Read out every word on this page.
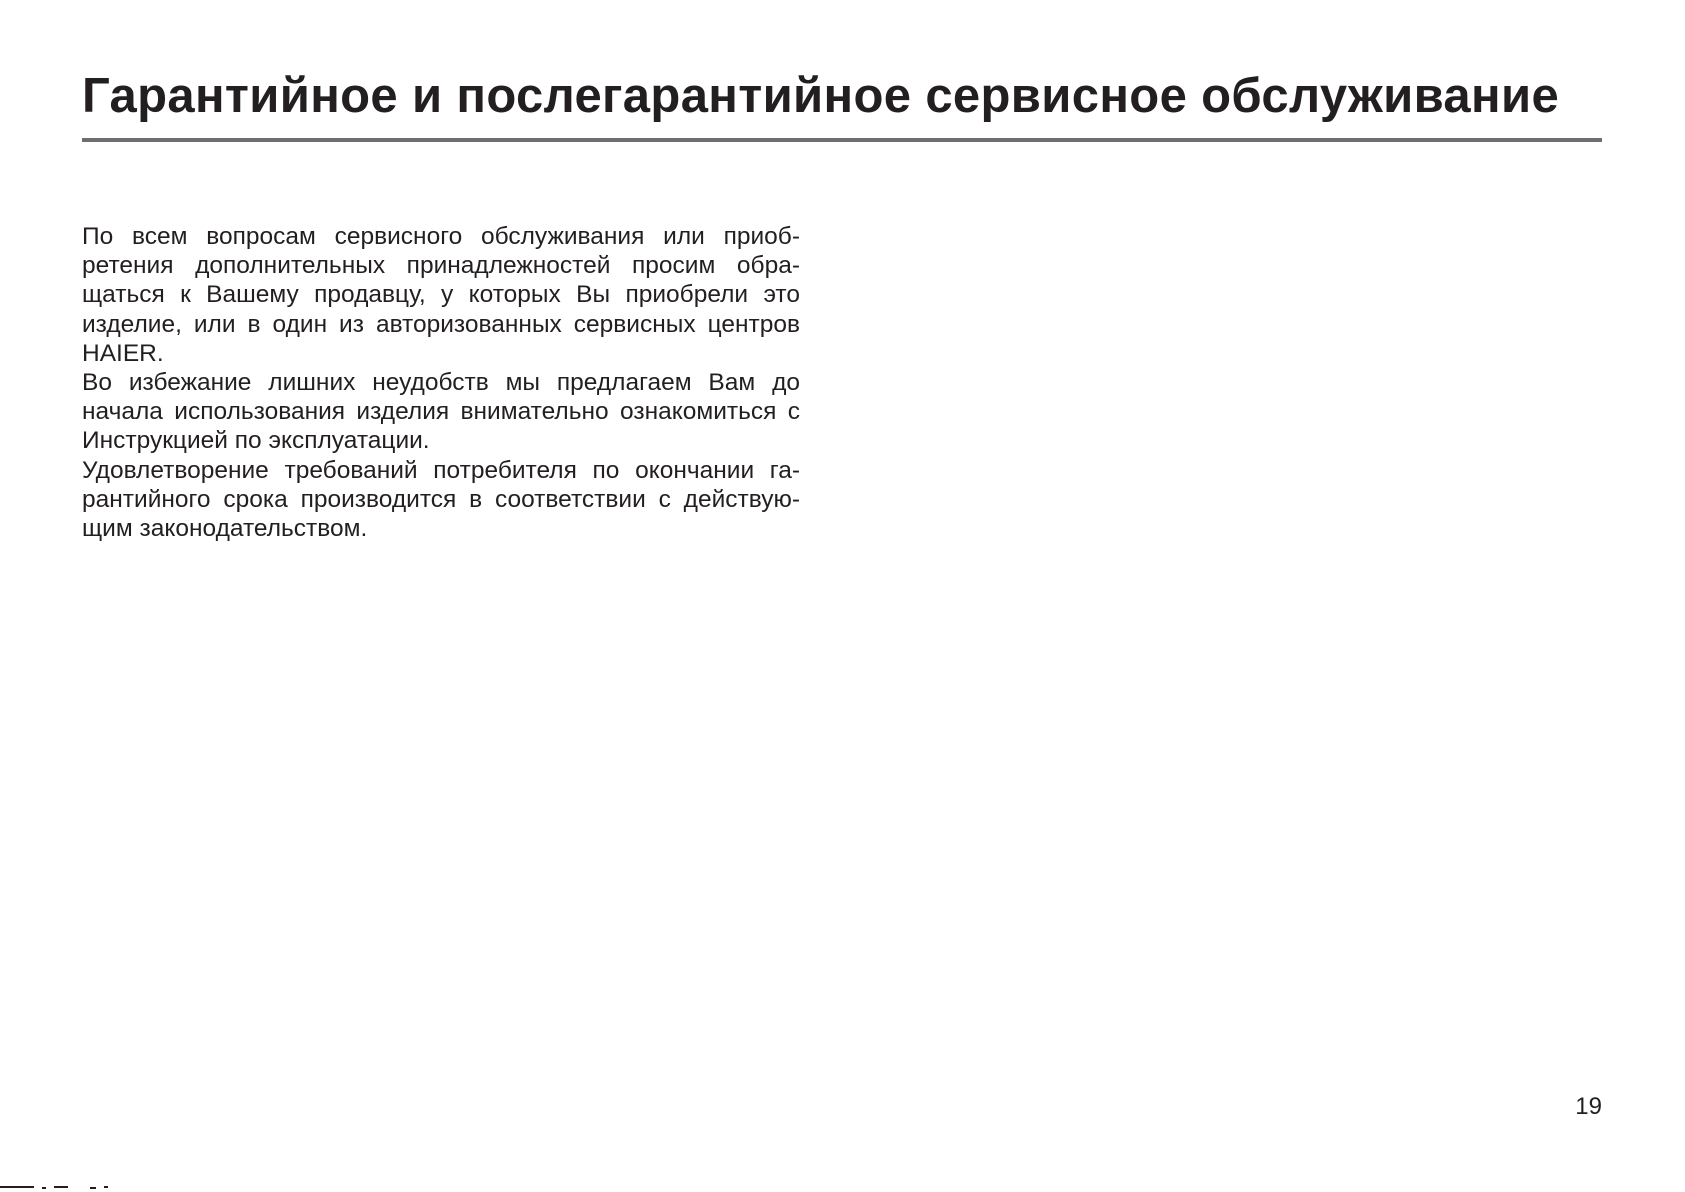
Гарантийное и послегарантийное сервисное обслуживание

По всем вопросам сервисного обслуживания или приобретения дополнительных принадлежностей просим обращаться к Вашему продавцу, у которых Вы приобрели это изделие, или в один из авторизованных сервисных центров HAIER.

Во избежание лишних неудобств мы предлагаем Вам до начала использования изделия внимательно ознакомиться с Инструкцией по эксплуатации.

Удовлетворение требований потребителя по окончании гарантийного срока производится в соответствии с действующим законодательством.

19
